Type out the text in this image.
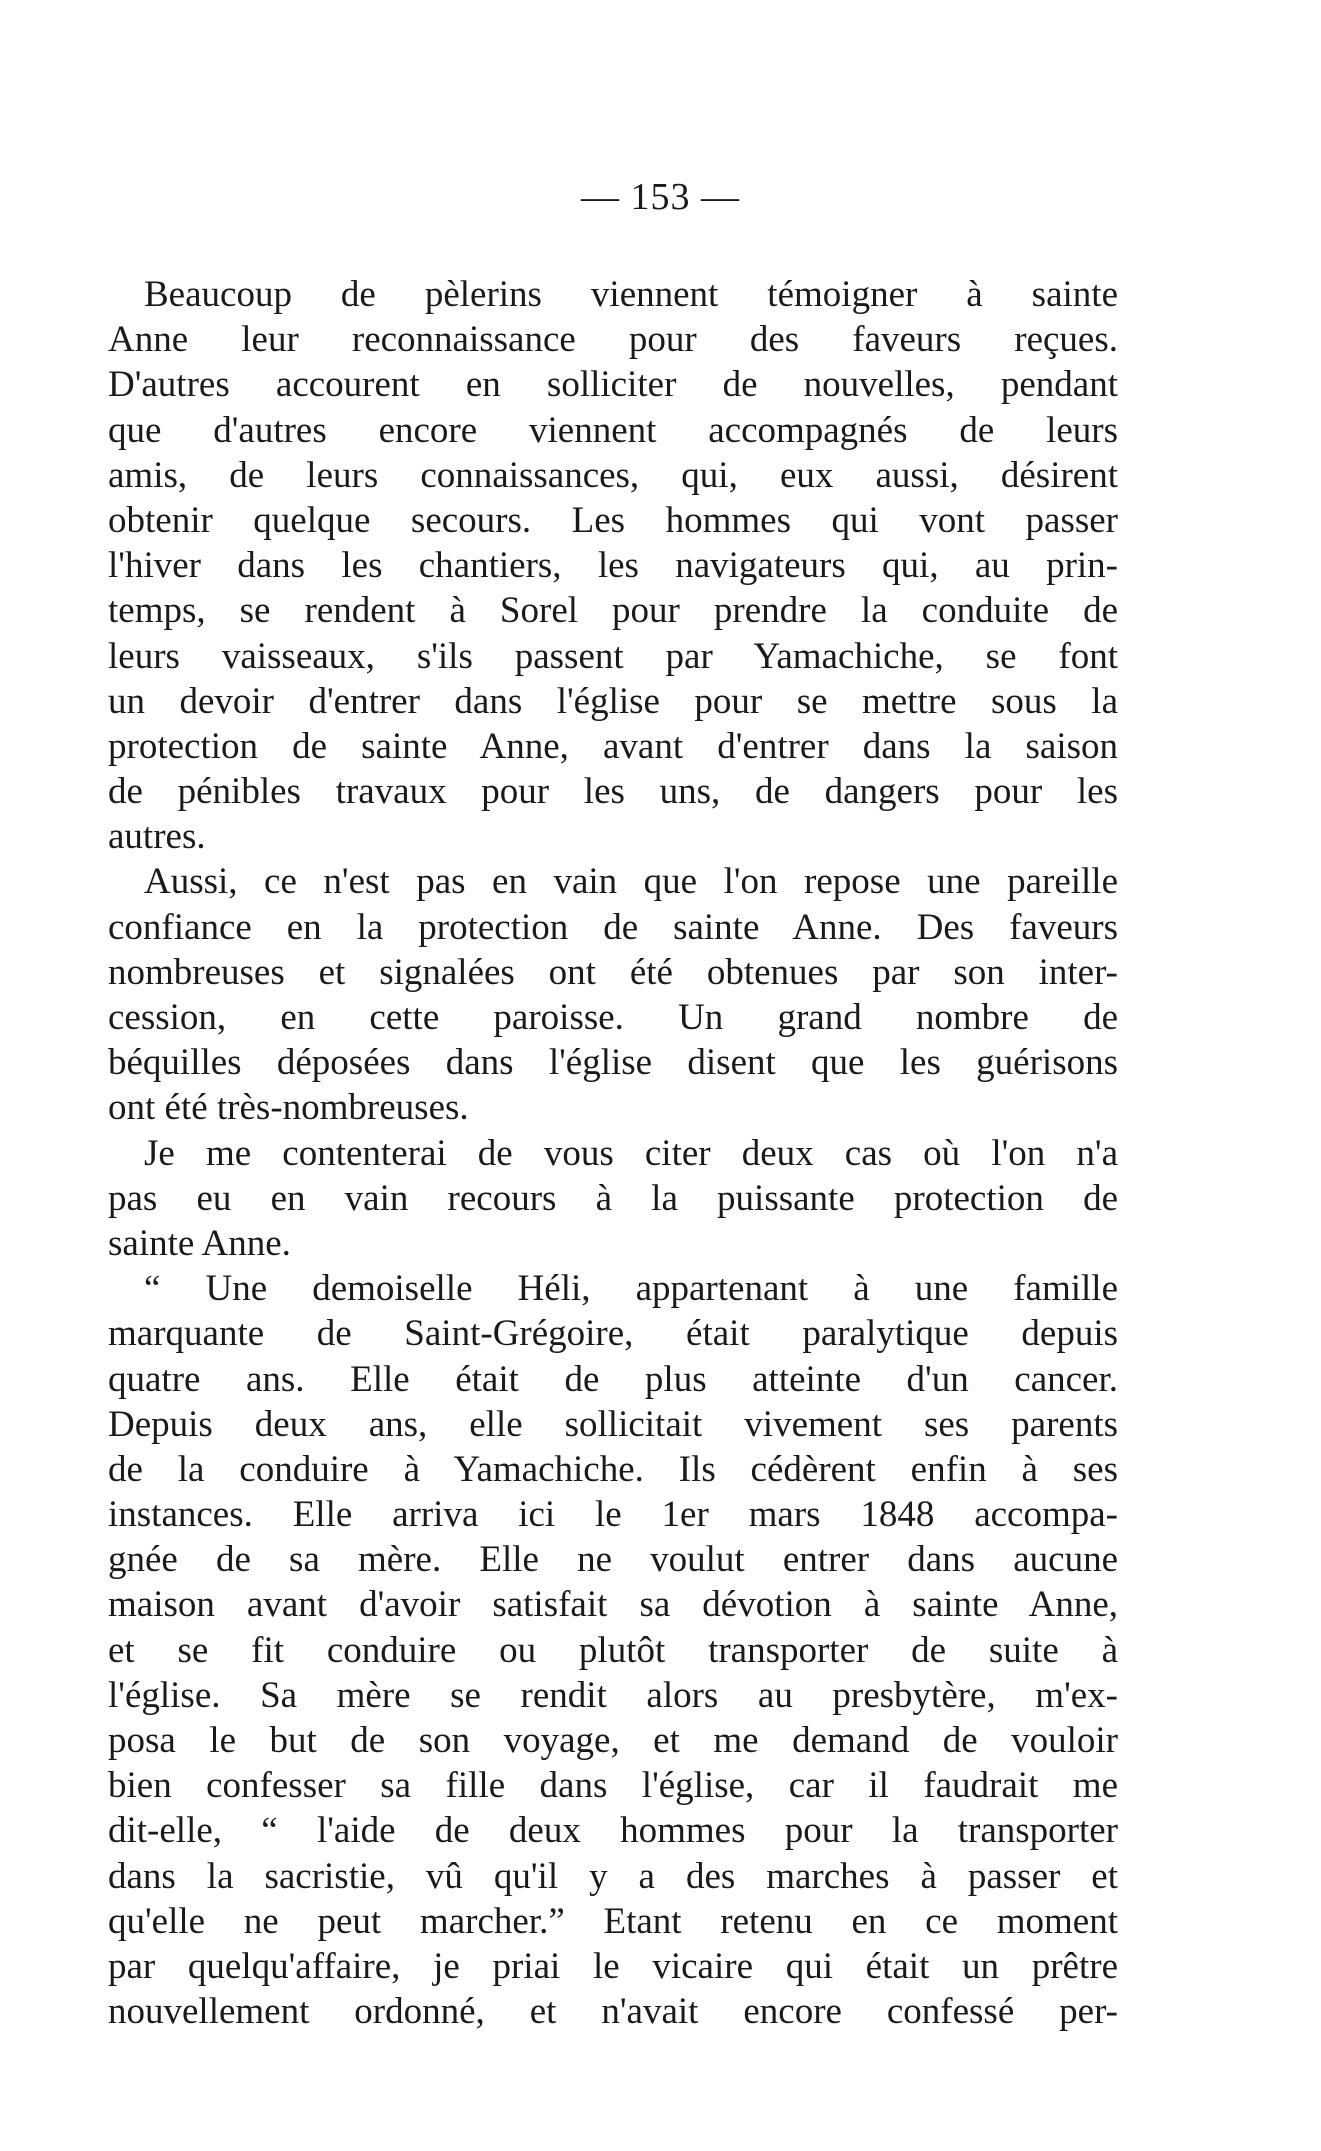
— 153 —
Beaucoup de pèlerins viennent témoigner à sainte
Anne leur reconnaissance pour des faveurs reçues.
D'autres accourent en solliciter de nouvelles, pendant
que d'autres encore viennent accompagnés de leurs
amis, de leurs connaissances, qui, eux aussi, désirent
obtenir quelque secours. Les hommes qui vont passer
l'hiver dans les chantiers, les navigateurs qui, au prin-
temps, se rendent à Sorel pour prendre la conduite de
leurs vaisseaux, s'ils passent par Yamachiche, se font
un devoir d'entrer dans l'église pour se mettre sous la
protection de sainte Anne, avant d'entrer dans la saison
de pénibles travaux pour les uns, de dangers pour les
autres.
Aussi, ce n'est pas en vain que l'on repose une pareille
confiance en la protection de sainte Anne. Des faveurs
nombreuses et signalées ont été obtenues par son inter-
cession, en cette paroisse. Un grand nombre de
béquilles déposées dans l'église disent que les guérisons
ont été très-nombreuses.
Je me contenterai de vous citer deux cas où l'on n'a
pas eu en vain recours à la puissante protection de
sainte Anne.
“ Une demoiselle Héli, appartenant à une famille
marquante de Saint-Grégoire, était paralytique depuis
quatre ans. Elle était de plus atteinte d'un cancer.
Depuis deux ans, elle sollicitait vivement ses parents
de la conduire à Yamachiche. Ils cédèrent enfin à ses
instances. Elle arriva ici le 1er mars 1848 accompa-
gnée de sa mère. Elle ne voulut entrer dans aucune
maison avant d'avoir satisfait sa dévotion à sainte Anne,
et se fit conduire ou plutôt transporter de suite à
l'église. Sa mère se rendit alors au presbytère, m'ex-
posa le but de son voyage, et me demand de vouloir
bien confesser sa fille dans l'église, car il faudrait me
dit-elle, “ l'aide de deux hommes pour la transporter
dans la sacristie, vû qu'il y a des marches à passer et
qu'elle ne peut marcher.” Etant retenu en ce moment
par quelqu'affaire, je priai le vicaire qui était un prêtre
nouvellement ordonné, et n'avait encore confessé per-
